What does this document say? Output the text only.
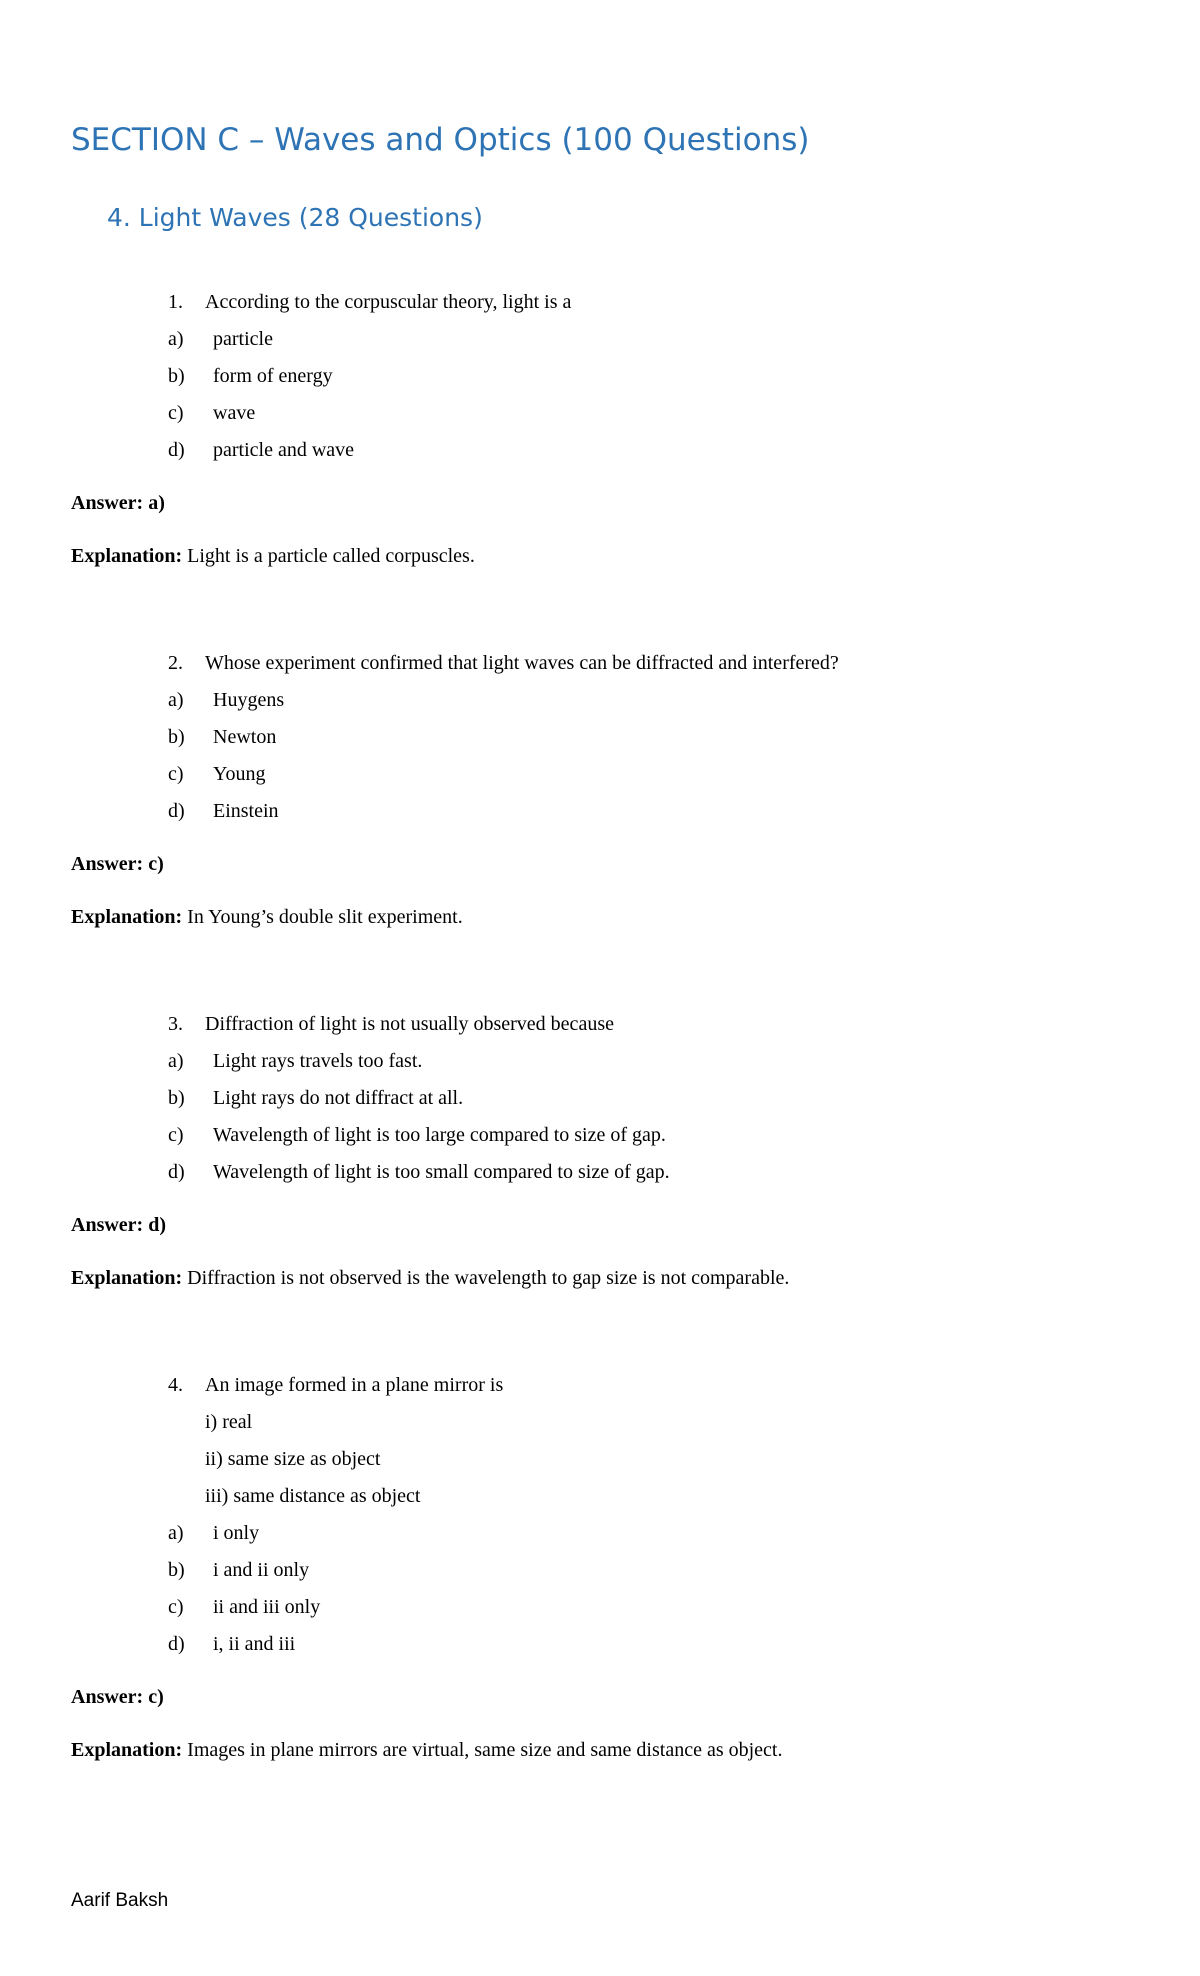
SECTION C – Waves and Optics (100 Questions)
4. Light Waves (28 Questions)
1. According to the corpuscular theory, light is a
a) particle
b) form of energy
c) wave
d) particle and wave
Answer: a)
Explanation: Light is a particle called corpuscles.
2. Whose experiment confirmed that light waves can be diffracted and interfered?
a) Huygens
b) Newton
c) Young
d) Einstein
Answer: c)
Explanation: In Young’s double slit experiment.
3. Diffraction of light is not usually observed because
a) Light rays travels too fast.
b) Light rays do not diffract at all.
c) Wavelength of light is too large compared to size of gap.
d) Wavelength of light is too small compared to size of gap.
Answer: d)
Explanation: Diffraction is not observed is the wavelength to gap size is not comparable.
4. An image formed in a plane mirror is
i) real
ii) same size as object
iii) same distance as object
a) i only
b) i and ii only
c) ii and iii only
d) i, ii and iii
Answer: c)
Explanation: Images in plane mirrors are virtual, same size and same distance as object.
Aarif Baksh
